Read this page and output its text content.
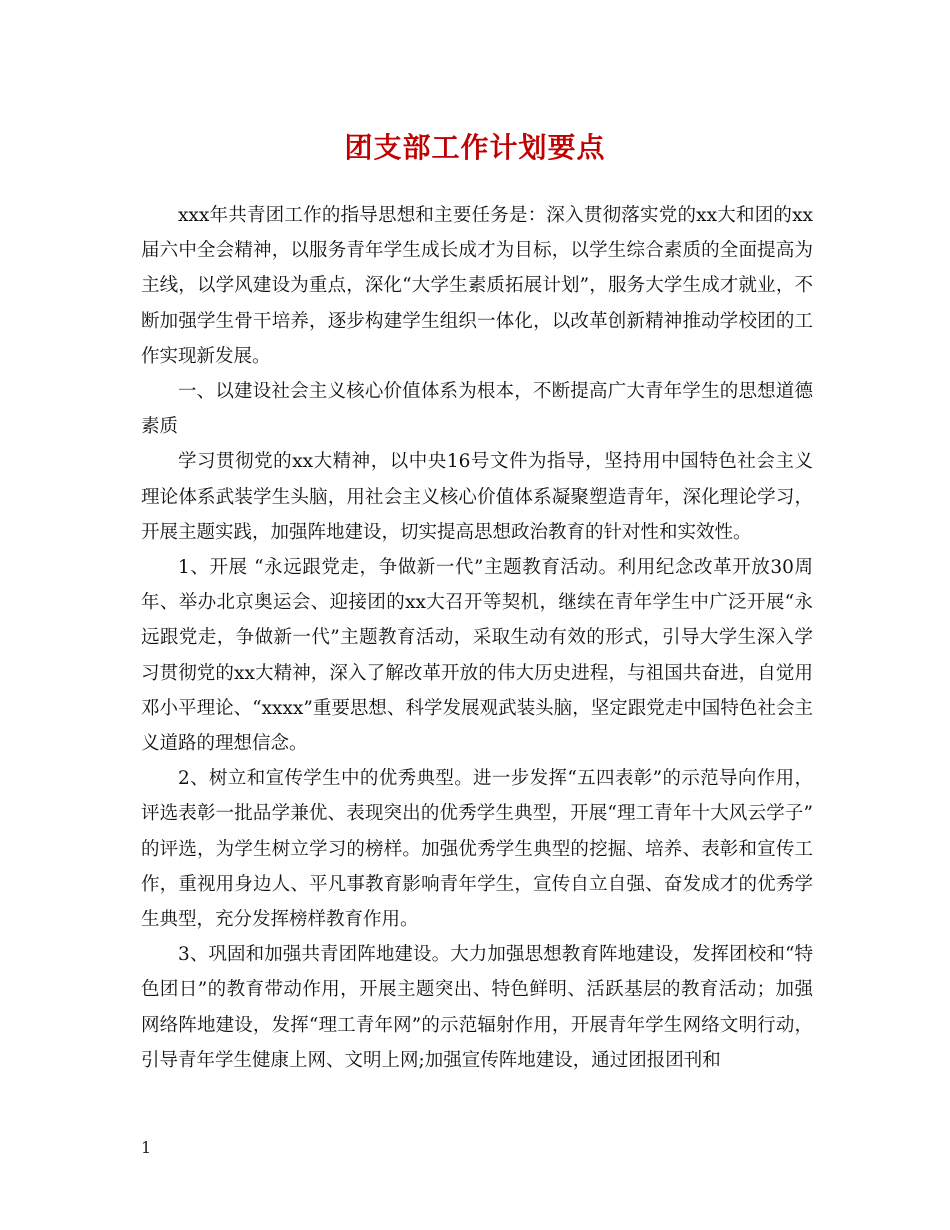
团支部工作计划要点

xxx年共青团工作的指导思想和主要任务是：深入贯彻落实党的xx大和团的xx届六中全会精神，以服务青年学生成长成才为目标，以学生综合素质的全面提高为主线，以学风建设为重点，深化“大学生素质拓展计划”，服务大学生成才就业，不断加强学生骨干培养，逐步构建学生组织一体化，以改革创新精神推动学校团的工作实现新发展。

一、以建设社会主义核心价值体系为根本，不断提高广大青年学生的思想道德素质

学习贯彻党的xx大精神，以中央16号文件为指导，坚持用中国特色社会主义理论体系武装学生头脑，用社会主义核心价值体系凝聚塑造青年，深化理论学习，开展主题实践，加强阵地建设，切实提高思想政治教育的针对性和实效性。

1、开展 “永远跟党走，争做新一代”主题教育活动。利用纪念改革开放30周年、举办北京奥运会、迎接团的xx大召开等契机，继续在青年学生中广泛开展“永远跟党走，争做新一代”主题教育活动，采取生动有效的形式，引导大学生深入学习贯彻党的xx大精神，深入了解改革开放的伟大历史进程，与祖国共奋进，自觉用邓小平理论、“xxxx”重要思想、科学发展观武装头脑，坚定跟党走中国特色社会主义道路的理想信念。

2、树立和宣传学生中的优秀典型。进一步发挥“五四表彰”的示范导向作用，评选表彰一批品学兼优、表现突出的优秀学生典型，开展“理工青年十大风云学子” 的评选，为学生树立学习的榜样。加强优秀学生典型的挖掘、培养、表彰和宣传工作，重视用身边人、平凡事教育影响青年学生，宣传自立自强、奋发成才的优秀学生典型，充分发挥榜样教育作用。

3、巩固和加强共青团阵地建设。大力加强思想教育阵地建设，发挥团校和“特色团日”的教育带动作用，开展主题突出、特色鲜明、活跃基层的教育活动；加强网络阵地建设，发挥“理工青年网”的示范辐射作用，开展青年学生网络文明行动，引导青年学生健康上网、文明上网;加强宣传阵地建设，通过团报团刊和

1
